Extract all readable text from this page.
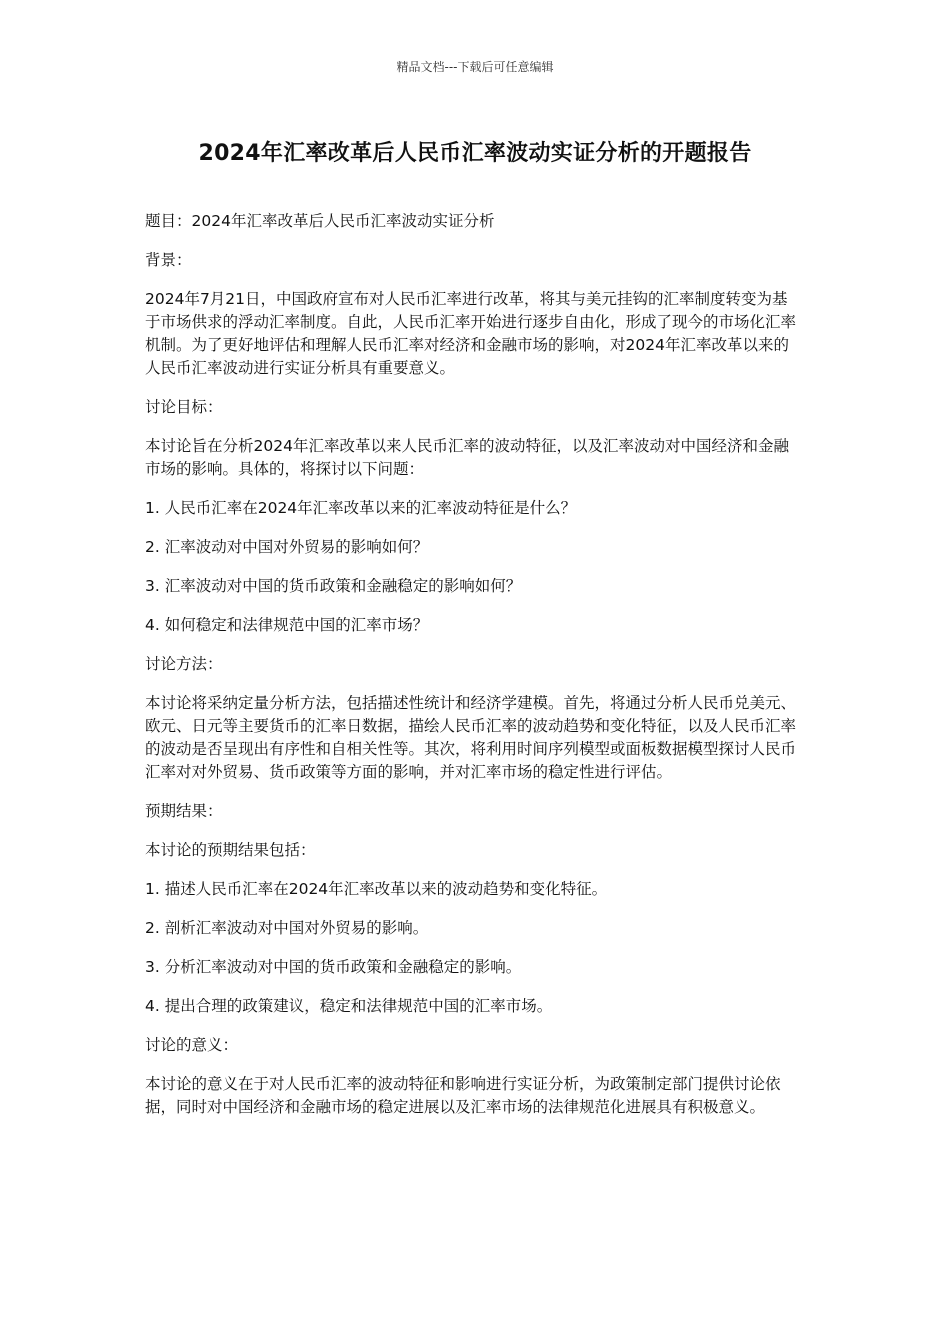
精品文档---下载后可任意编辑
2024年汇率改革后人民币汇率波动实证分析的开题报告

题目：2024年汇率改革后人民币汇率波动实证分析

背景：

2024年7月21日，中国政府宣布对人民币汇率进行改革，将其与美元挂钩的汇率制度转变为基于市场供求的浮动汇率制度。自此，人民币汇率开始进行逐步自由化，形成了现今的市场化汇率机制。为了更好地评估和理解人民币汇率对经济和金融市场的影响，对2024年汇率改革以来的人民币汇率波动进行实证分析具有重要意义。

讨论目标：

本讨论旨在分析2024年汇率改革以来人民币汇率的波动特征，以及汇率波动对中国经济和金融市场的影响。具体的，将探讨以下问题：

1. 人民币汇率在2024年汇率改革以来的汇率波动特征是什么？

2. 汇率波动对中国对外贸易的影响如何？

3. 汇率波动对中国的货币政策和金融稳定的影响如何？

4. 如何稳定和法律规范中国的汇率市场？

讨论方法：

本讨论将采纳定量分析方法，包括描述性统计和经济学建模。首先，将通过分析人民币兑美元、欧元、日元等主要货币的汇率日数据，描绘人民币汇率的波动趋势和变化特征，以及人民币汇率的波动是否呈现出有序性和自相关性等。其次，将利用时间序列模型或面板数据模型探讨人民币汇率对对外贸易、货币政策等方面的影响，并对汇率市场的稳定性进行评估。

预期结果：

本讨论的预期结果包括：

1. 描述人民币汇率在2024年汇率改革以来的波动趋势和变化特征。

2. 剖析汇率波动对中国对外贸易的影响。

3. 分析汇率波动对中国的货币政策和金融稳定的影响。

4. 提出合理的政策建议，稳定和法律规范中国的汇率市场。

讨论的意义：

本讨论的意义在于对人民币汇率的波动特征和影响进行实证分析，为政策制定部门提供讨论依据，同时对中国经济和金融市场的稳定进展以及汇率市场的法律规范化进展具有积极意义。
